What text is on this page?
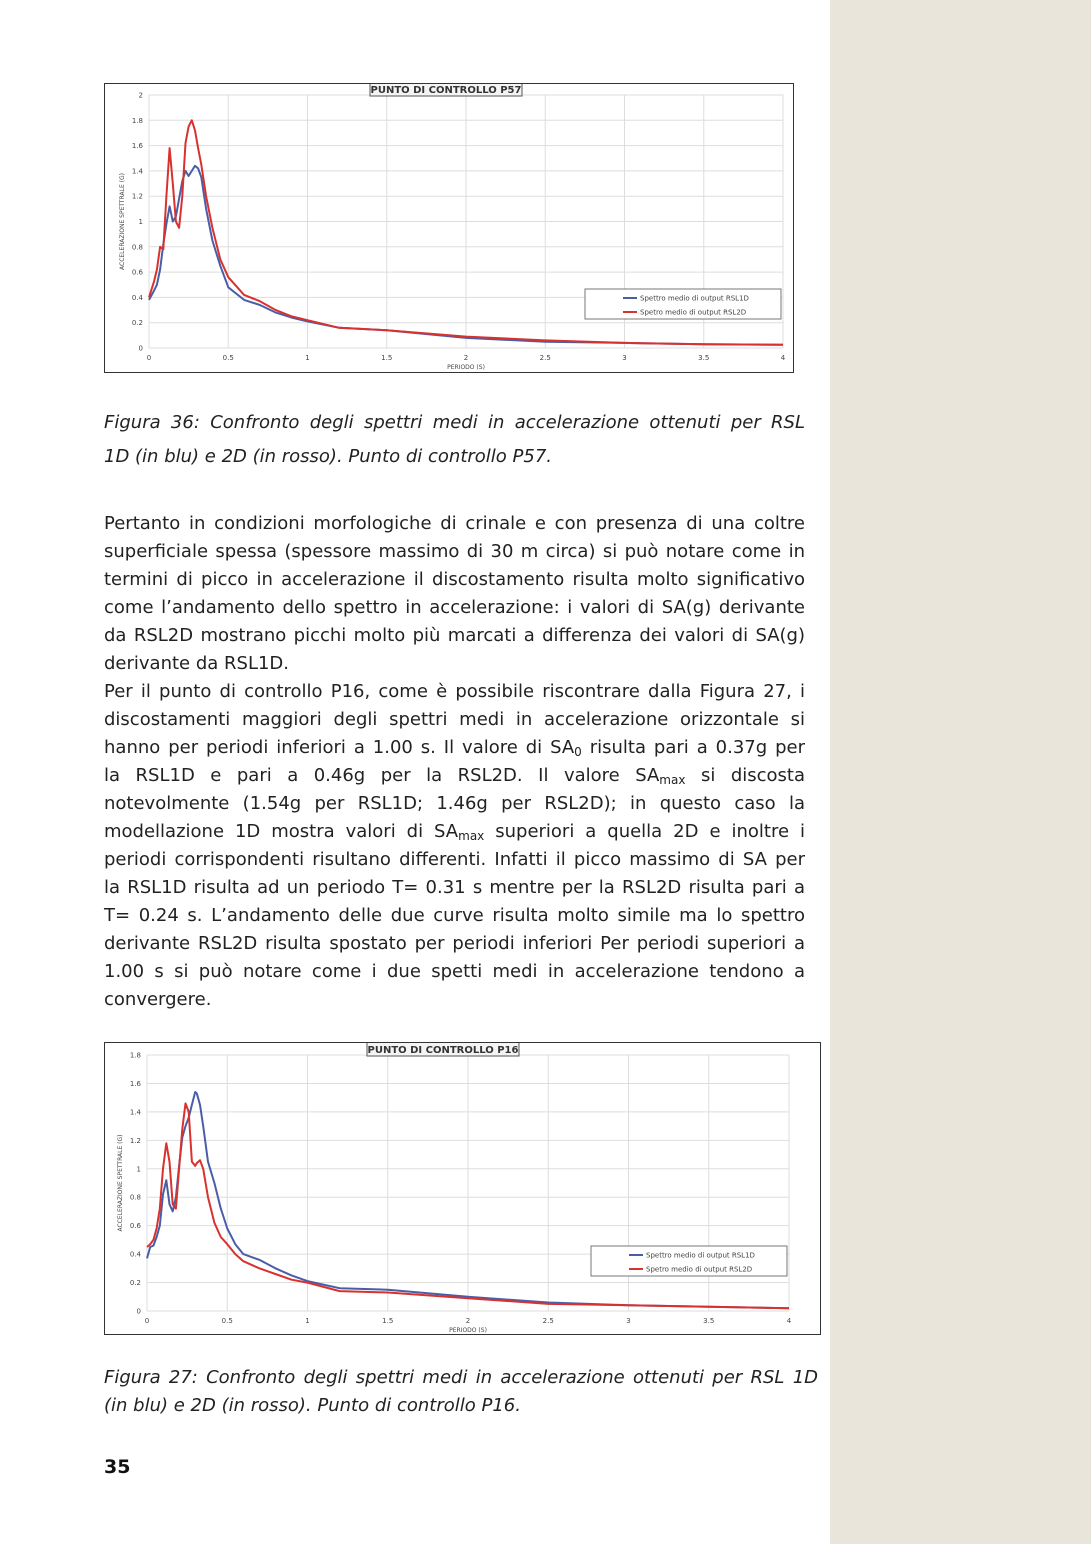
0
0.2
0.4
0.6
0.8
1
1.2
1.4
1.6
1.8
2
0	0.5	1	1.5	2	2.5	3	3.5	4
PERIODO (S)
ACCELERAZIONE SPETTRALE (G)
PUNTO DI CONTROLLO P57
Spettro medio di output RSL1D
Spetro medio di output RSL2D
Figura 36: Confronto degli spettri medi in accelerazione ottenuti per RSL
1D (in blu) e 2D (in rosso). Punto di controllo P57.

Pertanto in condizioni morfologiche di crinale e con presenza di una coltre
superficiale spessa (spessore massimo di 30 m circa) si può notare come in
termini di picco in accelerazione il discostamento risulta molto significativo
come l’andamento dello spettro in accelerazione: i valori di SA(g) derivante
da RSL2D mostrano picchi molto più marcati a differenza dei valori di SA(g)
derivante da RSL1D.

Per il punto di controllo P16, come è possibile riscontrare dalla Figura 27, i
discostamenti maggiori degli spettri medi in accelerazione orizzontale si
hanno per periodi inferiori a 1.00 s. Il valore di $SA_0$ risulta pari a 0.37g per
la RSL1D e pari a 0.46g per la RSL2D. Il valore $SA_{max}$ si discosta
notevolmente (1.54g per RSL1D; 1.46g per RSL2D); in questo caso la
modellazione 1D mostra valori di $SA_{max}$ superiori a quella 2D e inoltre i
periodi corrispondenti risultano differenti. Infatti il picco massimo di SA per
la RSL1D risulta ad un periodo T= 0.31 s mentre per la RSL2D risulta pari a
T= 0.24 s. L’andamento delle due curve risulta molto simile ma lo spettro
derivante RSL2D risulta spostato per periodi inferiori Per periodi superiori a
1.00 s si può notare come i due spetti medi in accelerazione tendono a
convergere.

0
0.2
0.4
0.6
0.8
1
1.2
1.4
1.6
1.8
0	0.5	1	1.5	2	2.5	3	3.5	4
PERIODO (S)
ACCELERAZIONE SPETTRALE (G)
PUNTO DI CONTROLLO P16
Spettro medio di output RSL1D
Spetro medio di output RSL2D
Figura 27: Confronto degli spettri medi in accelerazione ottenuti per RSL 1D
(in blu) e 2D (in rosso). Punto di controllo P16.
35
